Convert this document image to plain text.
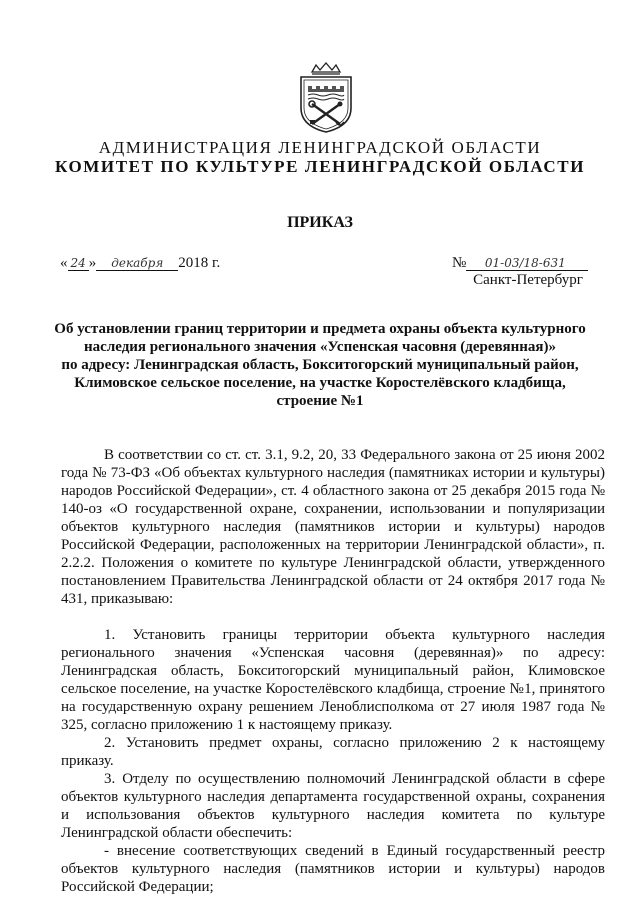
АДМИНИСТРАЦИЯ ЛЕНИНГРАДСКОЙ ОБЛАСТИ
КОМИТЕТ ПО КУЛЬТУРЕ ЛЕНИНГРАДСКОЙ ОБЛАСТИ
ПРИКАЗ
« 24 » декабря 2018 г.	№ 01-03/18-631
Санкт-Петербург
Об установлении границ территории и предмета охраны объекта культурного
наследия регионального значения «Успенская часовня (деревянная)»
по адресу: Ленинградская область, Бокситогорский муниципальный район,
Климовское сельское поселение, на участке Коростелёвского кладбища,
строение №1

В соответствии со ст. ст. 3.1, 9.2, 20, 33 Федерального закона от 25 июня 2002 года № 73-ФЗ «Об объектах культурного наследия (памятниках истории и культуры) народов Российской Федерации», ст. 4 областного закона от 25 декабря 2015 года № 140-оз «О государственной охране, сохранении, использовании и популяризации объектов культурного наследия (памятников истории и культуры) народов Российской Федерации, расположенных на территории Ленинградской области», п. 2.2.2. Положения о комитете по культуре Ленинградской области, утвержденного постановлением Правительства Ленинградской области от 24 октября 2017 года № 431, приказываю:

1. Установить границы территории объекта культурного наследия регионального значения «Успенская часовня (деревянная)» по адресу: Ленинградская область, Бокситогорский муниципальный район, Климовское сельское поселение, на участке Коростелёвского кладбища, строение №1, принятого на государственную охрану решением Леноблисполкома от 27 июля 1987 года № 325, согласно приложению 1 к настоящему приказу.

2. Установить предмет охраны, согласно приложению 2 к настоящему приказу.

3. Отделу по осуществлению полномочий Ленинградской области в сфере объектов культурного наследия департамента государственной охраны, сохранения и использования объектов культурного наследия комитета по культуре Ленинградской области обеспечить:

- внесение соответствующих сведений в Единый государственный реестр объектов культурного наследия (памятников истории и культуры) народов Российской Федерации;
